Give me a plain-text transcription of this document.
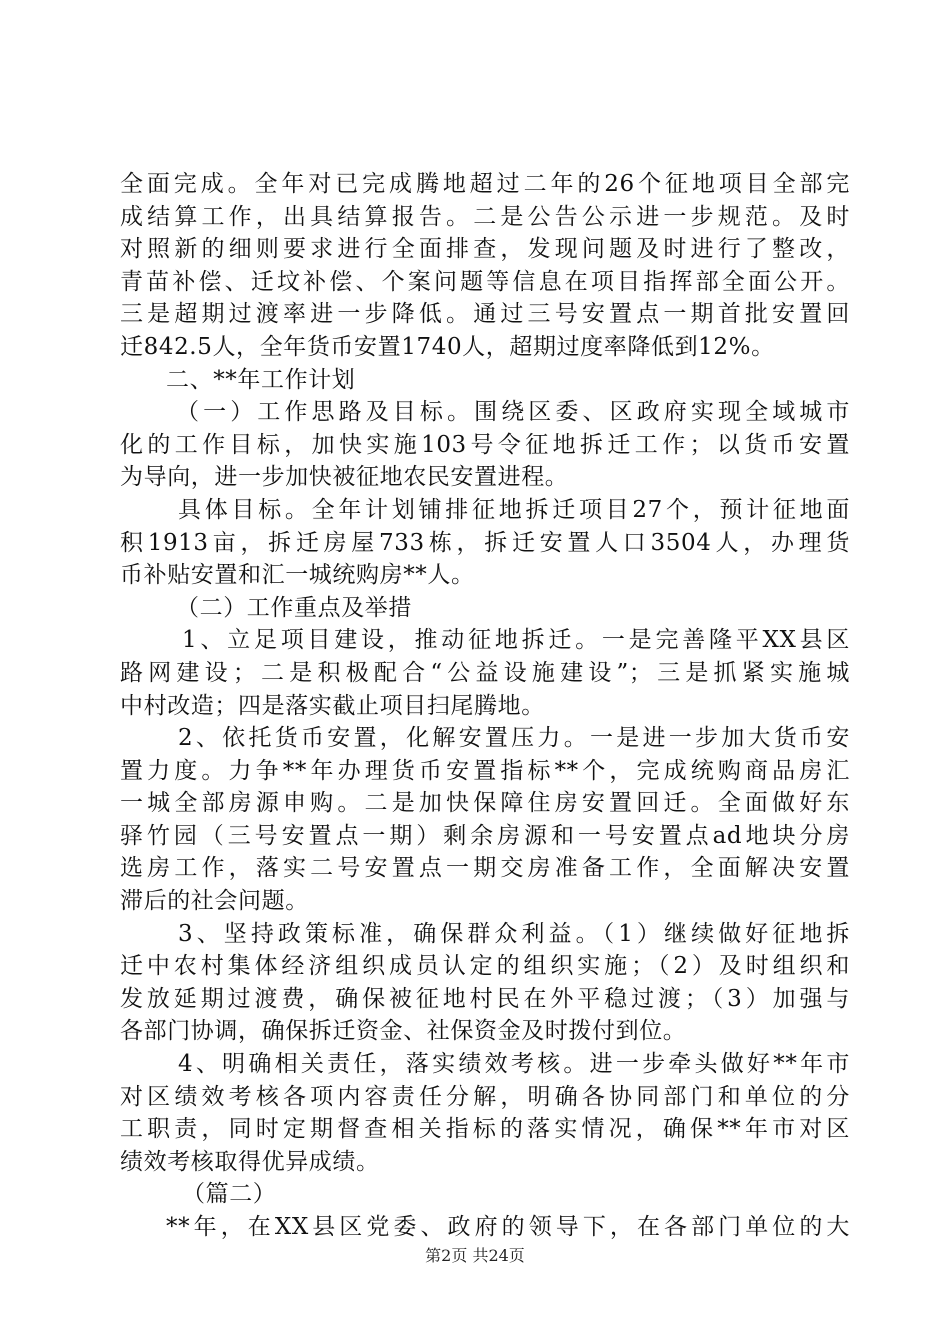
全面完成。全年对已完成腾地超过二年的26个征地项目全部完
成结算工作，出具结算报告。二是公告公示进一步规范。及时
对照新的细则要求进行全面排查，发现问题及时进行了整改，
青苗补偿、迁坟补偿、个案问题等信息在项目指挥部全面公开。
三是超期过渡率进一步降低。通过三号安置点一期首批安置回
迁842.5人，全年货币安置1740人，超期过度率降低到12%。
二、**年工作计划
（一）工作思路及目标。围绕区委、区政府实现全域城市
化的工作目标，加快实施103号令征地拆迁工作；以货币安置
为导向，进一步加快被征地农民安置进程。
具体目标。全年计划铺排征地拆迁项目27个，预计征地面
积1913亩，拆迁房屋733栋，拆迁安置人口3504人，办理货
币补贴安置和汇一城统购房**人。
（二）工作重点及举措
1、立足项目建设，推动征地拆迁。一是完善隆平XX县区
路网建设；二是积极配合“公益设施建设”；三是抓紧实施城
中村改造；四是落实截止项目扫尾腾地。
2、依托货币安置，化解安置压力。一是进一步加大货币安
置力度。力争**年办理货币安置指标**个，完成统购商品房汇
一城全部房源申购。二是加快保障住房安置回迁。全面做好东
驿竹园（三号安置点一期）剩余房源和一号安置点ad地块分房
选房工作，落实二号安置点一期交房准备工作，全面解决安置
滞后的社会问题。
3、坚持政策标准，确保群众利益。（1）继续做好征地拆
迁中农村集体经济组织成员认定的组织实施；（2）及时组织和
发放延期过渡费，确保被征地村民在外平稳过渡；（3）加强与
各部门协调，确保拆迁资金、社保资金及时拨付到位。
4、明确相关责任，落实绩效考核。进一步牵头做好**年市
对区绩效考核各项内容责任分解，明确各协同部门和单位的分
工职责，同时定期督查相关指标的落实情况，确保**年市对区
绩效考核取得优异成绩。
（篇二）
**年，在XX县区党委、政府的领导下，在各部门单位的大
第2页 共24页
